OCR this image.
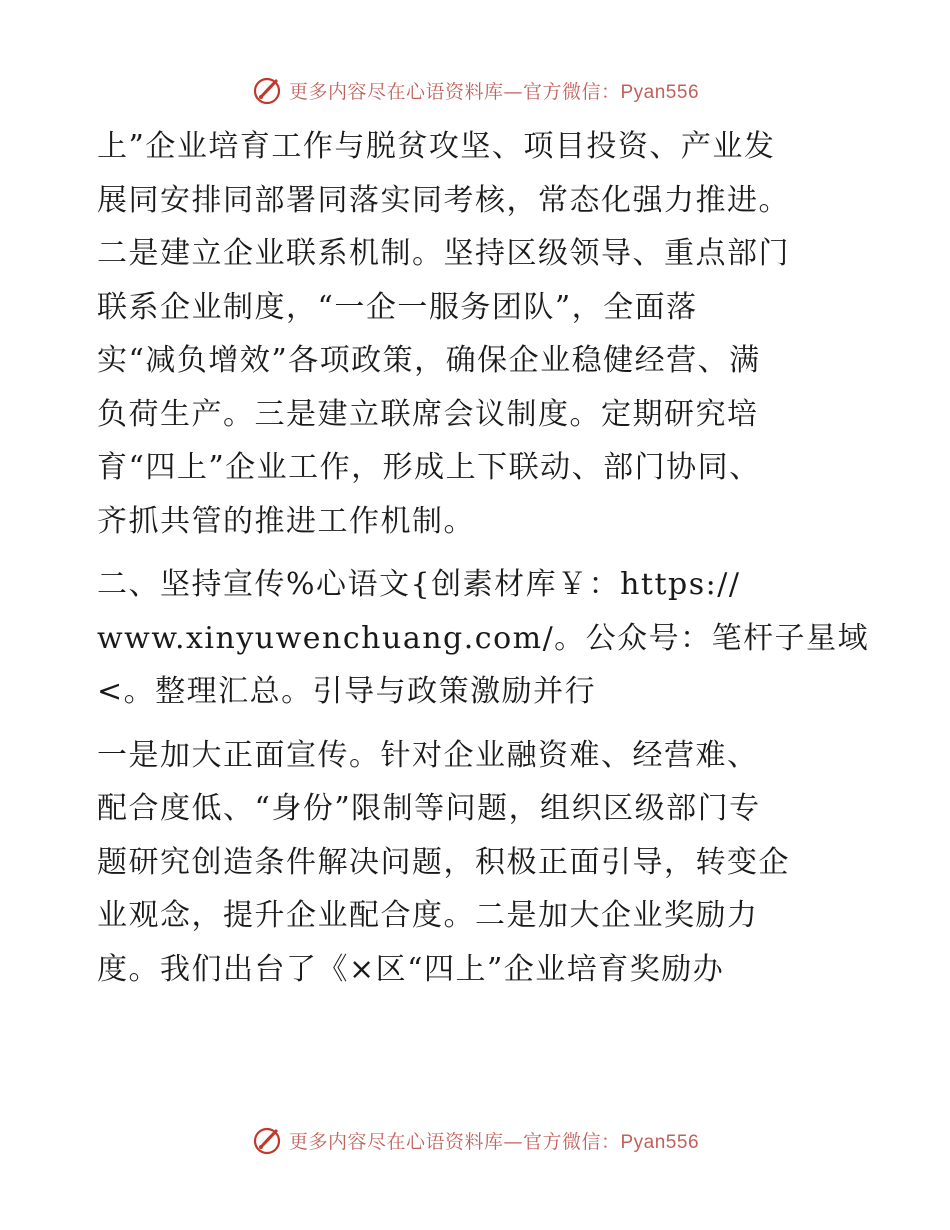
更多内容尽在心语资料库—官方微信：Pyan556
上”企业培育工作与脱贫攻坚、项目投资、产业发
展同安排同部署同落实同考核，常态化强力推进。
二是建立企业联系机制。坚持区级领导、重点部门
联系企业制度，“一企一服务团队”，全面落
实“减负增效”各项政策，确保企业稳健经营、满
负荷生产。三是建立联席会议制度。定期研究培
育“四上”企业工作，形成上下联动、部门协同、
齐抓共管的推进工作机制。
二、坚持宣传%心语文{创素材库￥：https://
www.xinyuwenchuang.com/。公众号：笔杆子星域
<。整理汇总。引导与政策激励并行
一是加大正面宣传。针对企业融资难、经营难、
配合度低、“身份”限制等问题，组织区级部门专
题研究创造条件解决问题，积极正面引导，转变企
业观念，提升企业配合度。二是加大企业奖励力
度。我们出台了《×区“四上”企业培育奖励办
更多内容尽在心语资料库—官方微信：Pyan556
